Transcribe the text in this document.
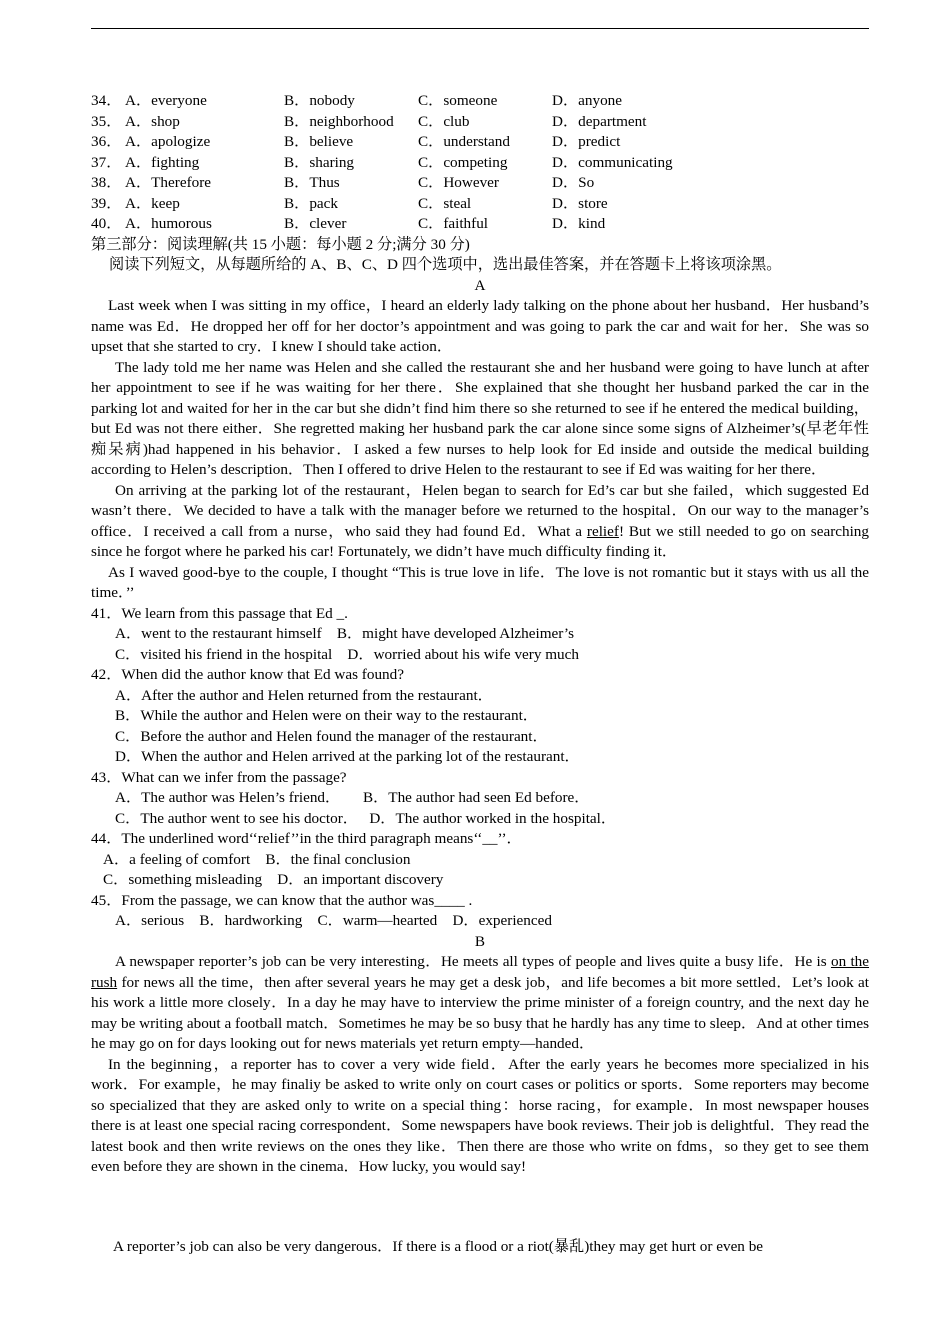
34． A．everyone	B．nobody	C．someone	D．anyone
35． A．shop	B．neighborhood C．club	D．department
36． A．apologize	B．believe	C．understand	D．predict
37． A．fighting	B．sharing	C．competing	D．communicating
38． A．Therefore	B．Thus	C．However	D．So
39． A．keep	B．pack	C．steal	D．store
40． A．humorous	B．clever	C．faithful	D．kind
第三部分：阅读理解(共 15 小题：每小题 2 分;满分 30 分)
阅读下列短文，从每题所给的 A、B、C、D 四个选项中，选出最佳答案，并在答题卡上将该项涂黑。
A

Last week when I was sitting in my office，I heard an elderly lady talking on the phone about her husband．Her husband’s name was Ed．He dropped her off for her doctor’s appointment and was going to park the car and wait for her．She was so upset that she started to cry．I knew I should take action．

The lady told me her name was Helen and she called the restaurant she and her husband were going to have lunch at after her appointment to see if he was waiting for her there．She explained that she thought her husband parked the car in the parking lot and waited for her in the car but she didn’t find him there so she returned to see if he entered the medical building，but Ed was not there either．She regretted making her husband park the car alone since some signs of Alzheimer’s(早老年性痴呆病)had happened in his behavior．I asked a few nurses to help look for Ed inside and outside the medical building according to Helen’s description．Then I offered to drive Helen to the restaurant to see if Ed was waiting for her there．

On arriving at the parking lot of the restaurant，Helen began to search for Ed’s car but she failed，which suggested Ed wasn’t there．We decided to have a talk with the manager before we returned to the hospital．On our way to the manager’s office．I received a call from a nurse，who said they had found Ed．What a relief! But we still needed to go on searching since he forgot where he parked his car! Fortunately, we didn’t have much difficulty finding it．

As I waved good-bye to the couple, I thought “This is true love in life．The love is not romantic but it stays with us all the time．’’

41．We learn from this passage that Ed _.
A．went to the restaurant himself　B．might have developed Alzheimer’s
C．visited his friend in the hospital　D．worried about his wife very much
42．When did the author know that Ed was found?
A．After the author and Helen returned from the restaurant．
B．While the author and Helen were on their way to the restaurant．
C．Before the author and Helen found the manager of the restaurant．
D．When the author and Helen arrived at the parking lot of the restaurant．
43．What can we infer from the passage?
A．The author was Helen’s friend．　　B．The author had seen Ed before．
C．The author went to see his doctor．　 D．The author worked in the hospital．
44．The underlined word‘‘relief’’in the third paragraph means‘‘__’’．
A．a feeling of comfort　B．the final conclusion
C．something misleading　D．an important discovery
45．From the passage, we can know that the author was____ .
A．serious　B．hardworking　C．warm—hearted　D．experienced
B

A newspaper reporter’s job can be very interesting．He meets all types of people and lives quite a busy life．He is on the rush for news all the time，then after several years he may get a desk job，and life becomes a bit more settled．Let’s look at his work a little more closely．In a day he may have to interview the prime minister of a foreign country, and the next day he may be writing about a football match．Sometimes he may be so busy that he hardly has any time to sleep．And at other times he may go on for days looking out for news materials yet return empty—handed．

In the beginning，a reporter has to cover a very wide field．After the early years he becomes more specialized in his work．For example，he may finaliy be asked to write only on court cases or politics or sports．Some reporters may become so specialized that they are asked only to write on a special thing：horse racing，for example．In most newspaper houses there is at least one special racing correspondent．Some newspapers have book reviews. Their job is delightful．They read the latest book and then write reviews on the ones they like．Then there are those who write on fdms，so they get to see them even before they are shown in the cinema．How lucky, you would say!

A reporter’s job can also be very dangerous．If there is a flood or a riot(暴乱)they may get hurt or even be
